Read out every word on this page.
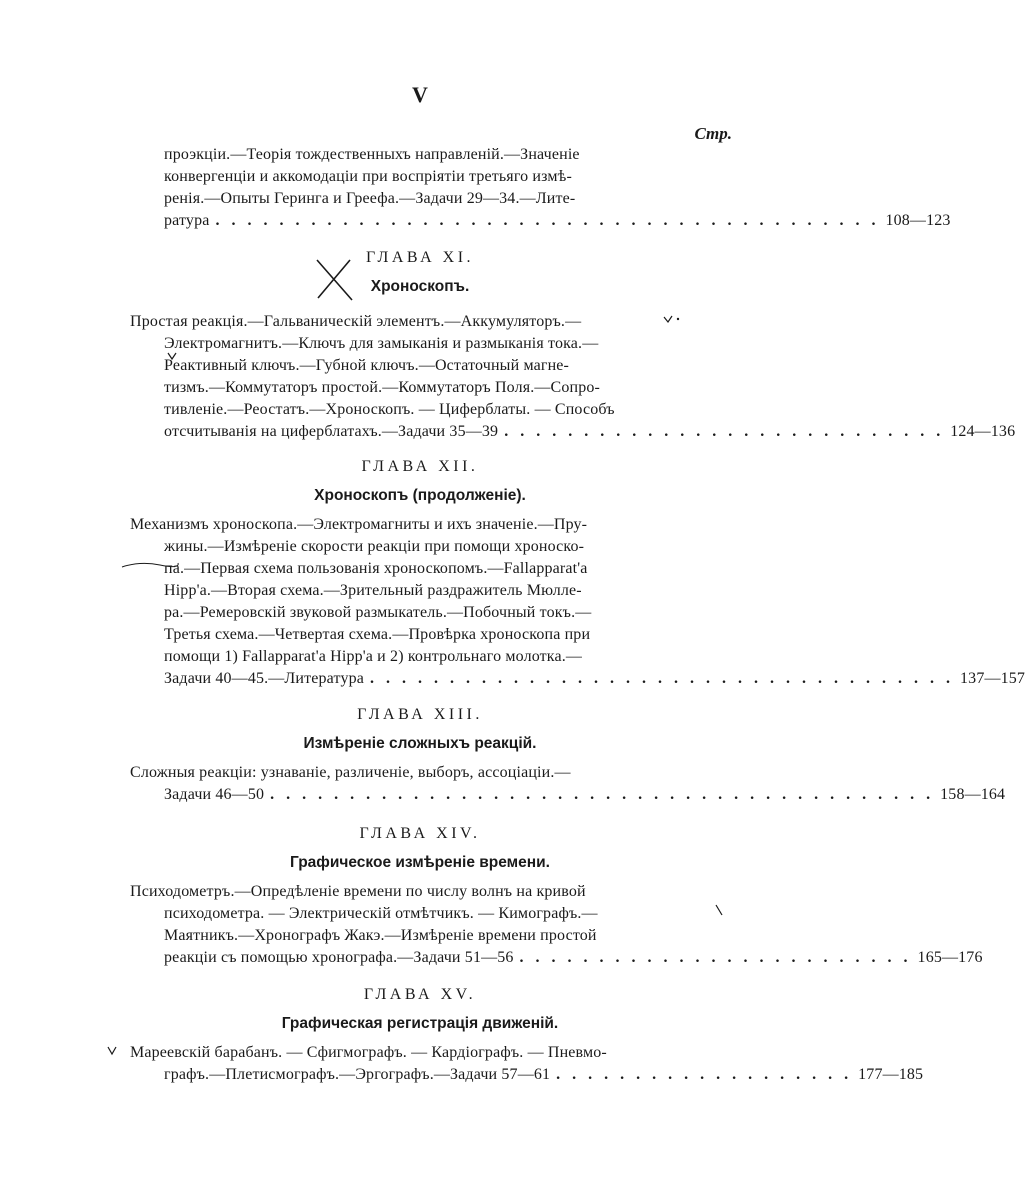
V
Стр.
проэкціи.—Теорія тождественныхъ направленій.—Значеніе
конвергенціи и аккомодаціи при воспріятіи третьяго измѣ-
ренія.—Опыты Геринга и Греефа.—Задачи 29—34.—Лите-
ратура . . . . . . . . . . . . . . . . . . . . . . . . . . . . . . . . . . . . . . . . . . 108—123
ГЛАВА XI.
Хроноскопъ.
Простая реакція.—Гальваническій элементъ.—Аккумуляторъ.—
Электромагнитъ.—Ключъ для замыканія и размыканія тока.—
Реактивный ключъ.—Губной ключъ.—Остаточный магне-
тизмъ.—Коммутаторъ простой.—Коммутаторъ Поля.—Сопро-
тивленіе.—Реостатъ.—Хроноскопъ. — Циферблаты. — Способъ
отсчитыванія на циферблатахъ.—Задачи 35—39 . . . . . . . . . . . . . . . . . . . . . . . . . . . . 124—136
ГЛАВА XII.
Хроноскопъ (продолженіе).
Механизмъ хроноскопа.—Электромагниты и ихъ значеніе.—Пру-
жины.—Измѣреніе скорости реакціи при помощи хроноско-
па.—Первая схема пользованія хроноскопомъ.—Fallapparat'а
Hipp'а.—Вторая схема.—Зрительный раздражитель Мюлле-
ра.—Ремеровскій звуковой размыкатель.—Побочный токъ.—
Третья схема.—Четвертая схема.—Провѣрка хроноскопа при
помощи 1) Fallapparat'а Hipp'а и 2) контрольнаго молотка.—
Задачи 40—45.—Литература . . . . . . . . . . . . . . . . . . . . . . . . . . . . . . . . . . . . . 137—157
ГЛАВА XIII.
Измѣреніе сложныхъ реакцій.
Сложныя реакціи: узнаваніе, различеніе, выборъ, ассоціаціи.—
Задачи 46—50 . . . . . . . . . . . . . . . . . . . . . . . . . . . . . . . . . . . . . . . . . . 158—164
ГЛАВА XIV.
Графическое измѣреніе времени.
Психодометръ.—Опредѣленіе времени по числу волнъ на кривой
психодометра. — Электрическій отмѣтчикъ. — Кимографъ.—
Маятникъ.—Хронографъ Жакэ.—Измѣреніе времени простой
реакціи съ помощью хронографа.—Задачи 51—56 . . . . . . . . . . . . . . . . . . . . . . . . . 165—176
ГЛАВА XV.
Графическая регистрація движеній.
Мареевскій барабанъ. — Сфигмографъ. — Кардіографъ. — Пневмо-
графъ.—Плетисмографъ.—Эргографъ.—Задачи 57—61 . . . . . . . . . . . . . . . . . . . 177—185
